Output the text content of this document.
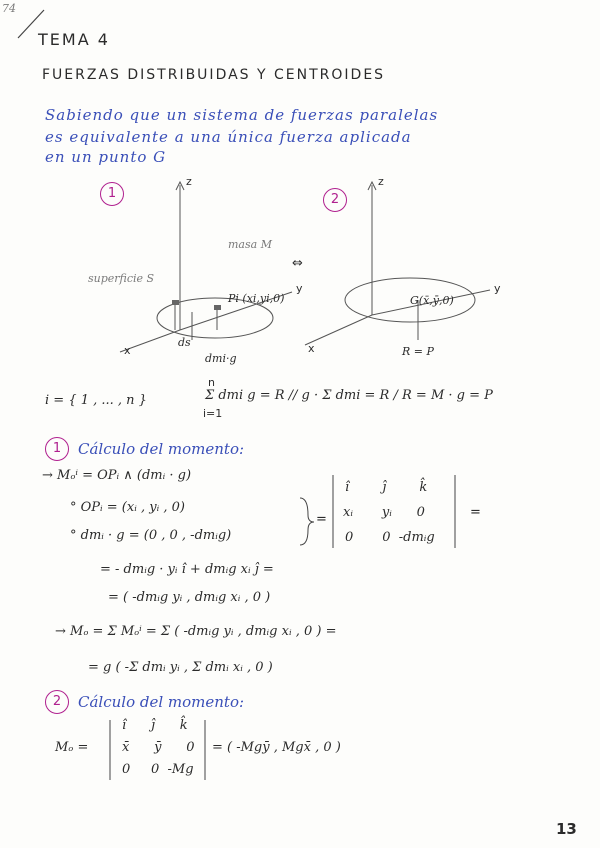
74
TEMA 4
FUERZAS DISTRIBUIDAS Y CENTROIDES
Sabiendo que un sistema de fuerzas paralelas
es equivalente a una única fuerza aplicada
en un punto G
1	2
z
y
x
z
y
x
superficie S
masa M
⇔
Pi (xi,yi,0)
ds
dmi·g
G(x̄,ȳ,0)
R = P
i = { 1 , ... , n }	Σ dmi g = R // g · Σ dmi = R / R = M · g = P
n
i=1
1	Cálculo del momento:
→ Mₒⁱ = OPᵢ ∧ (dmᵢ · g)
° OPᵢ = (xᵢ , yᵢ , 0)
° dmᵢ · g = (0 , 0 , -dmᵢg)
=	=
î	ĵ	k̂
xᵢ yᵢ 0
0 0 -dmᵢg
= - dmᵢg · yᵢ î + dmᵢg xᵢ ĵ =
= ( -dmᵢg yᵢ , dmᵢg xᵢ , 0 )
→ Mₒ = Σ Mₒⁱ = Σ ( -dmᵢg yᵢ , dmᵢg xᵢ , 0 ) =
= g ( -Σ dmᵢ yᵢ , Σ dmᵢ xᵢ , 0 )
2	Cálculo del momento:
Mₒ =
î ĵ k̂
x̄ ȳ 0
0 0 -Mg
= ( -Mgȳ , Mgx̄ , 0 )
13
